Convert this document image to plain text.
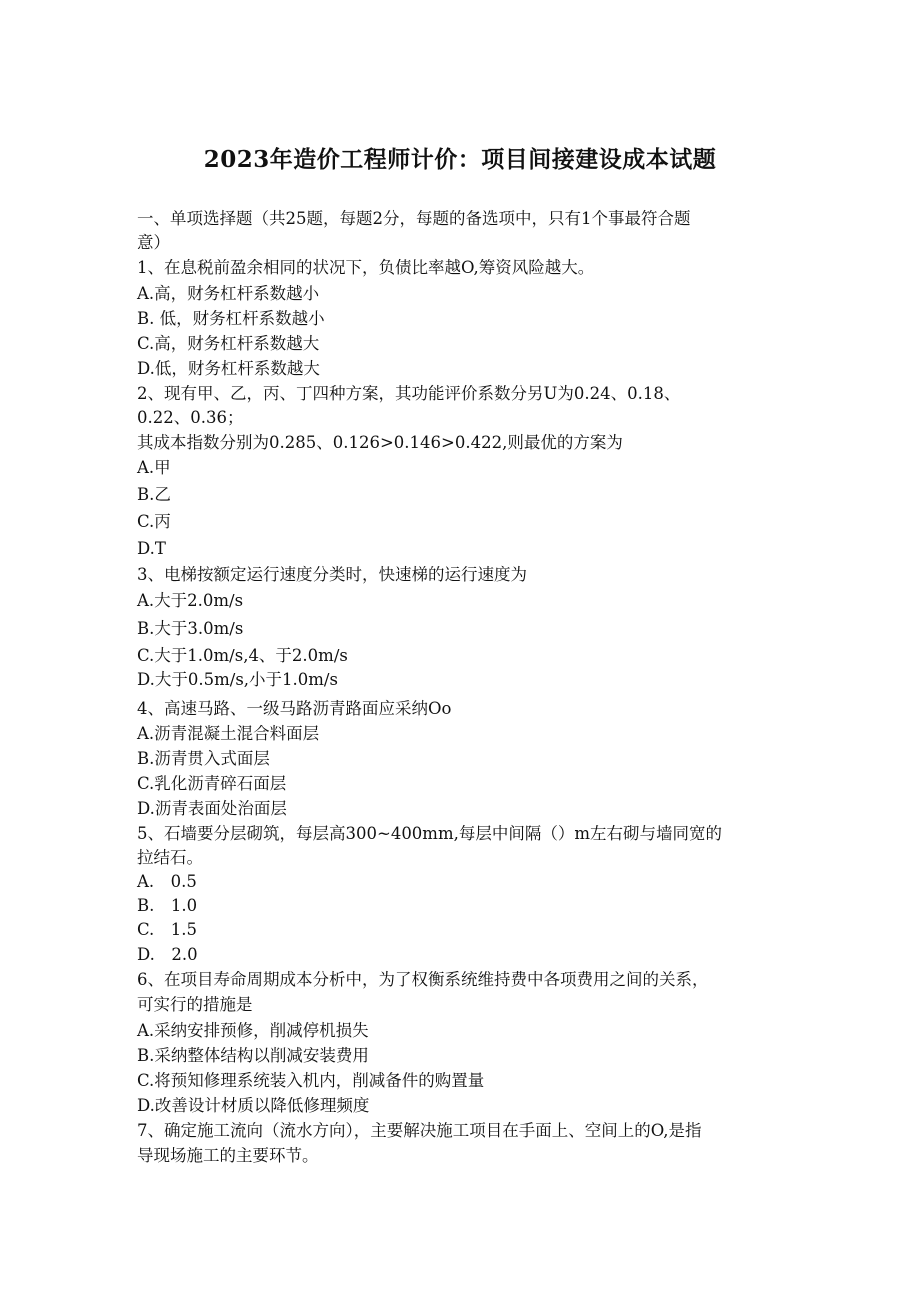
2023年造价工程师计价：项目间接建设成本试题
一、单项选择题（共25题，每题2分，每题的备选项中，只有1个事最符合题
意）
1、在息税前盈余相同的状况下，负债比率越O,筹资风险越大。
A.高，财务杠杆系数越小
B. 低，财务杠杆系数越小
C.高，财务杠杆系数越大
D.低，财务杠杆系数越大
2、现有甲、乙，丙、丁四种方案，其功能评价系数分另U为0.24、0.18、
0.22、0.36；
其成本指数分别为0.285、0.126>0.146>0.422,则最优的方案为
A.甲
B.乙
C.丙
D.T
3、电梯按额定运行速度分类时，快速梯的运行速度为
A.大于2.0m∕s
B.大于3.0m∕s
C.大于1.0m∕s,4、于2.0m∕s
D.大于0.5m∕s,小于1.0m∕s
4、高速马路、一级马路沥青路面应采纳Oo
A.沥青混凝土混合料面层
B.沥青贯入式面层
C.乳化沥青碎石面层
D.沥青表面处治面层
5、石墙要分层砌筑，每层高300~400mm,每层中间隔（）m左右砌与墙同宽的
拉结石。
A.　0.5
B.　1.0
C.　1.5
D.　2.0
6、在项目寿命周期成本分析中，为了权衡系统维持费中各项费用之间的关系，
可实行的措施是
A.采纳安排预修，削减停机损失
B.采纳整体结构以削减安装费用
C.将预知修理系统装入机内，削减备件的购置量
D.改善设计材质以降低修理频度
7、确定施工流向（流水方向），主要解决施工项目在手面上、空间上的O,是指
导现场施工的主要环节。
